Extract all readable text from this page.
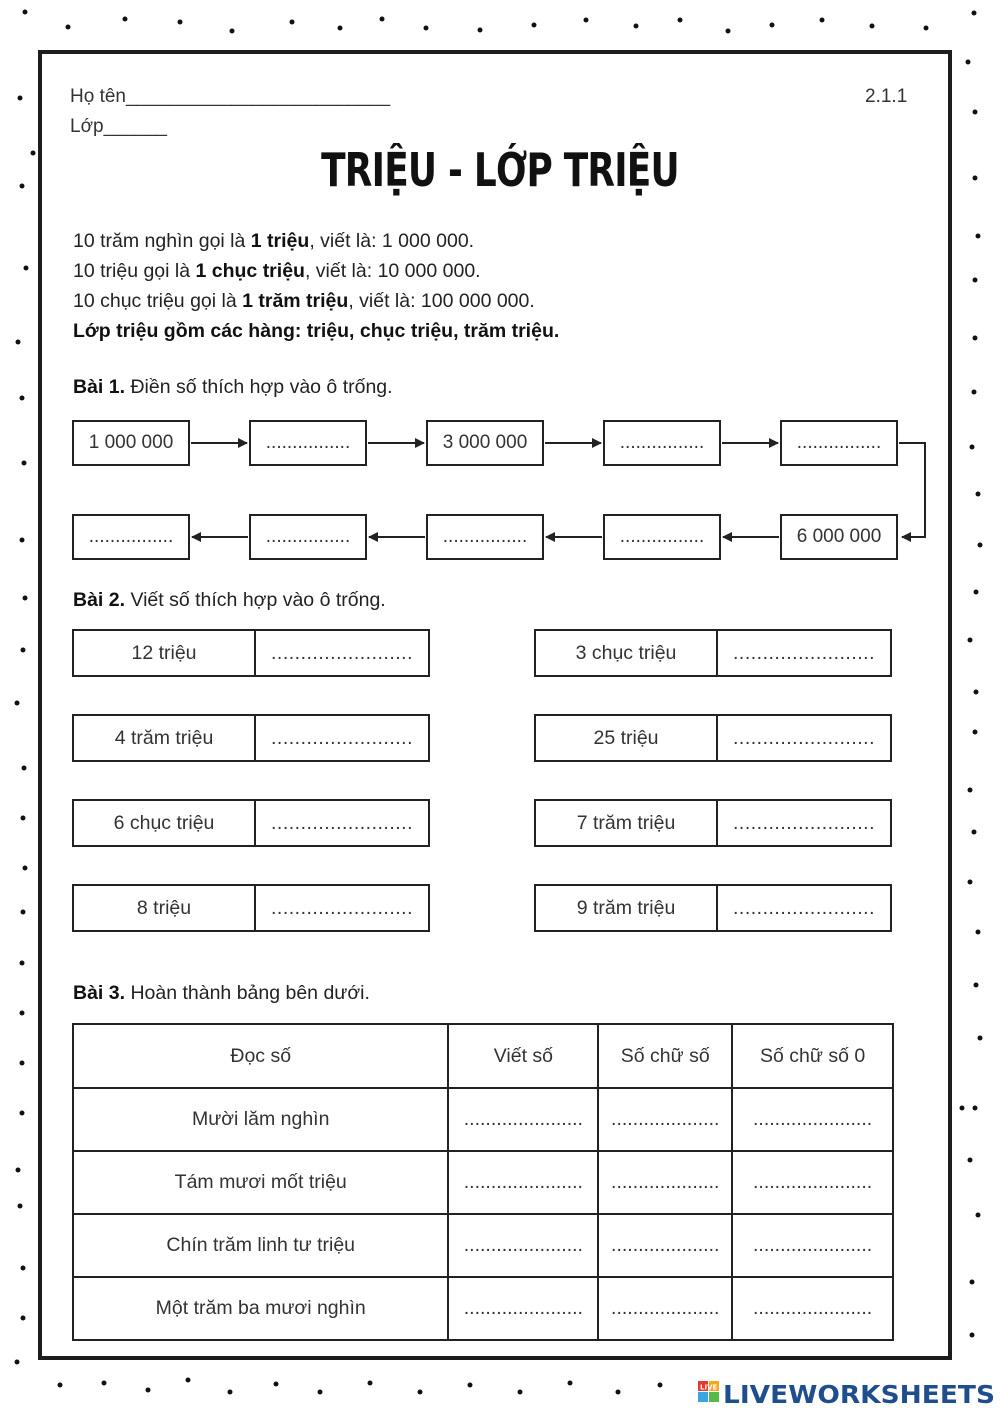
Họ tên_________________________
Lớp______
2.1.1
TRIỆU - LỚP TRIỆU
10 trăm nghìn gọi là 1 triệu, viết là: 1 000 000.
10 triệu gọi là 1 chục triệu, viết là: 10 000 000.
10 chục triệu gọi là 1 trăm triệu, viết là: 100 000 000.
Lớp triệu gồm các hàng: triệu, chục triệu, trăm triệu.
Bài 1. Điền số thích hợp vào ô trống.
1 000 000	................	3 000 000	................	................
................	................	................	................	6 000 000
Bài 2. Viết số thích hợp vào ô trống.
12 triệu	........................
4 trăm triệu	........................
6 chục triệu	........................
8 triệu	........................
3 chục triệu	........................
25 triệu	........................
7 trăm triệu	........................
9 trăm triệu	........................
Bài 3. Hoàn thành bảng bên dưới.
Đọc số	Viết số	Số chữ số	Số chữ số 0
Mười lăm nghìn	......................	....................	......................
Tám mươi mốt triệu	......................	....................	......................
Chín trăm linh tư triệu	......................	....................	......................
Một trăm ba mươi nghìn	......................	....................	......................
LIVE LIVEWORKSHEETS
